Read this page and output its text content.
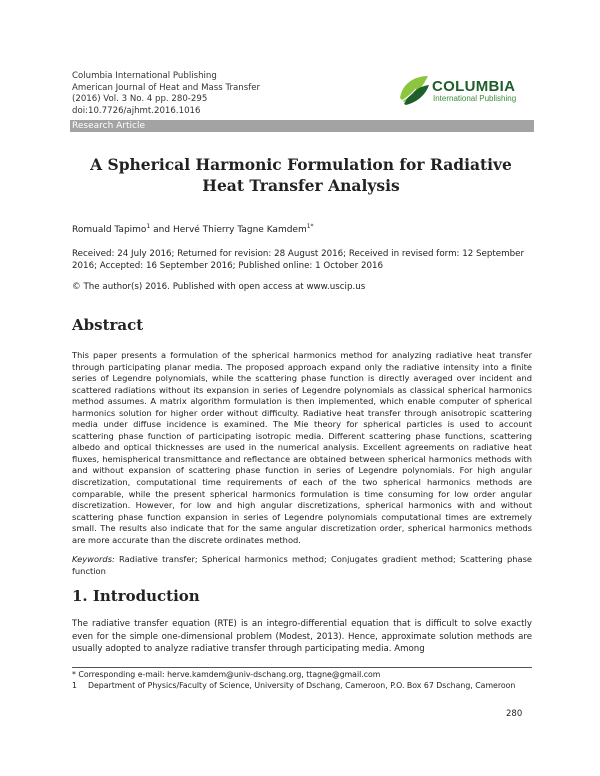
Columbia International Publishing
American Journal of Heat and Mass Transfer
(2016) Vol. 3 No. 4 pp. 280-295
doi:10.7726/ajhmt.2016.1016
COLUMBIA
International Publishing
Research Article
A Spherical Harmonic Formulation for Radiative Heat Transfer Analysis
Romuald Tapimo$^1$ and Hervé Thierry Tagne Kamdem$^{1*}$
Received: 24 July 2016; Returned for revision: 28 August 2016; Received in revised form: 12 September 2016; Accepted: 16 September 2016; Published online: 1 October 2016
© The author(s) 2016. Published with open access at www.uscip.us
Abstract
This paper presents a formulation of the spherical harmonics method for analyzing radiative heat transfer through participating planar media. The proposed approach expand only the radiative intensity into a finite series of Legendre polynomials, while the scattering phase function is directly averaged over incident and scattered radiations without its expansion in series of Legendre polynomials as classical spherical harmonics method assumes. A matrix algorithm formulation is then implemented, which enable computer of spherical harmonics solution for higher order without difficulty. Radiative heat transfer through anisotropic scattering media under diffuse incidence is examined. The Mie theory for spherical particles is used to account scattering phase function of participating isotropic media. Different scattering phase functions, scattering albedo and optical thicknesses are used in the numerical analysis. Excellent agreements on radiative heat fluxes, hemispherical transmittance and reflectance are obtained between spherical harmonics methods with and without expansion of scattering phase function in series of Legendre polynomials. For high angular discretization, computational time requirements of each of the two spherical harmonics methods are comparable, while the present spherical harmonics formulation is time consuming for low order angular discretization. However, for low and high angular discretizations, spherical harmonics with and without scattering phase function expansion in series of Legendre polynomials computational times are extremely small. The results also indicate that for the same angular discretization order, spherical harmonics methods are more accurate than the discrete ordinates method.
Keywords: Radiative transfer; Spherical harmonics method; Conjugates gradient method; Scattering phase function
1. Introduction
The radiative transfer equation (RTE) is an integro-differential equation that is difficult to solve exactly even for the simple one-dimensional problem (Modest, 2013). Hence, approximate solution methods are usually adopted to analyze radiative transfer through participating media. Among
* Corresponding e-mail: herve.kamdem@univ-dschang.org, ttagne@gmail.com
1	Department of Physics/Faculty of Science, University of Dschang, Cameroon, P.O. Box 67 Dschang, Cameroon
280
